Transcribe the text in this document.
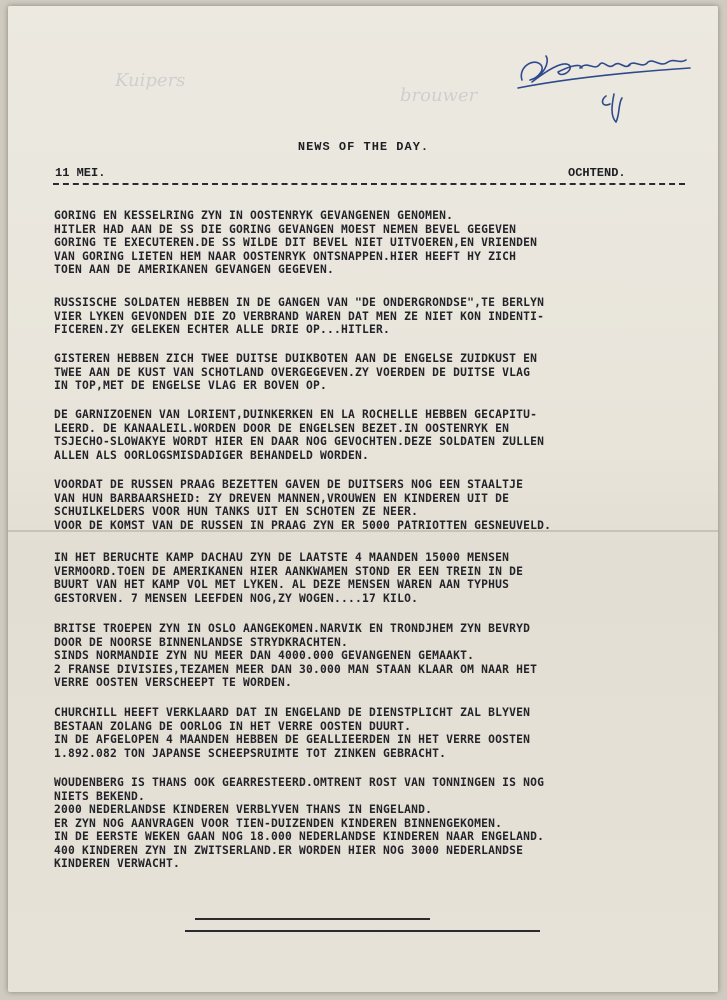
Kuipers
brouwer
NEWS OF THE DAY.
11 MEI.	OCHTEND.
GORING EN KESSELRING ZYN IN OOSTENRYK GEVANGENEN GENOMEN.
HITLER HAD AAN DE SS DIE GORING GEVANGEN MOEST NEMEN BEVEL GEGEVEN
GORING TE EXECUTEREN.DE SS WILDE DIT BEVEL NIET UITVOEREN,EN VRIENDEN
VAN GORING LIETEN HEM NAAR OOSTENRYK ONTSNAPPEN.HIER HEEFT HY ZICH
TOEN AAN DE AMERIKANEN GEVANGEN GEGEVEN.
RUSSISCHE SOLDATEN HEBBEN IN DE GANGEN VAN "DE ONDERGRONDSE",TE BERLYN
VIER LYKEN GEVONDEN DIE ZO VERBRAND WAREN DAT MEN ZE NIET KON INDENTI-
FICEREN.ZY GELEKEN ECHTER ALLE DRIE OP...HITLER.
GISTEREN HEBBEN ZICH TWEE DUITSE DUIKBOTEN AAN DE ENGELSE ZUIDKUST EN
TWEE AAN DE KUST VAN SCHOTLAND OVERGEGEVEN.ZY VOERDEN DE DUITSE VLAG
IN TOP,MET DE ENGELSE VLAG ER BOVEN OP.
DE GARNIZOENEN VAN LORIENT,DUINKERKEN EN LA ROCHELLE HEBBEN GECAPITU-
LEERD. DE KANAALEIL.WORDEN DOOR DE ENGELSEN BEZET.IN OOSTENRYK EN
TSJECHO-SLOWAKYE WORDT HIER EN DAAR NOG GEVOCHTEN.DEZE SOLDATEN ZULLEN
ALLEN ALS OORLOGSMISDADIGER BEHANDELD WORDEN.
VOORDAT DE RUSSEN PRAAG BEZETTEN GAVEN DE DUITSERS NOG EEN STAALTJE
VAN HUN BARBAARSHEID: ZY DREVEN MANNEN,VROUWEN EN KINDEREN UIT DE
SCHUILKELDERS VOOR HUN TANKS UIT EN SCHOTEN ZE NEER.
VOOR DE KOMST VAN DE RUSSEN IN PRAAG ZYN ER 5000 PATRIOTTEN GESNEUVELD.
IN HET BERUCHTE KAMP DACHAU ZYN DE LAATSTE 4 MAANDEN 15000 MENSEN
VERMOORD.TOEN DE AMERIKANEN HIER AANKWAMEN STOND ER EEN TREIN IN DE
BUURT VAN HET KAMP VOL MET LYKEN. AL DEZE MENSEN WAREN AAN TYPHUS
GESTORVEN. 7 MENSEN LEEFDEN NOG,ZY WOGEN....17 KILO.
BRITSE TROEPEN ZYN IN OSLO AANGEKOMEN.NARVIK EN TRONDJHEM ZYN BEVRYD
DOOR DE NOORSE BINNENLANDSE STRYDKRACHTEN.
SINDS NORMANDIE ZYN NU MEER DAN 4000.000 GEVANGENEN GEMAAKT.
2 FRANSE DIVISIES,TEZAMEN MEER DAN 30.000 MAN STAAN KLAAR OM NAAR HET
VERRE OOSTEN VERSCHEEPT TE WORDEN.
CHURCHILL HEEFT VERKLAARD DAT IN ENGELAND DE DIENSTPLICHT ZAL BLYVEN
BESTAAN ZOLANG DE OORLOG IN HET VERRE OOSTEN DUURT.
IN DE AFGELOPEN 4 MAANDEN HEBBEN DE GEALLIEERDEN IN HET VERRE OOSTEN
1.892.082 TON JAPANSE SCHEEPSRUIMTE TOT ZINKEN GEBRACHT.
WOUDENBERG IS THANS OOK GEARRESTEERD.OMTRENT ROST VAN TONNINGEN IS NOG
NIETS BEKEND.
2000 NEDERLANDSE KINDEREN VERBLYVEN THANS IN ENGELAND.
ER ZYN NOG AANVRAGEN VOOR TIEN-DUIZENDEN KINDEREN BINNENGEKOMEN.
IN DE EERSTE WEKEN GAAN NOG 18.000 NEDERLANDSE KINDEREN NAAR ENGELAND.
400 KINDEREN ZYN IN ZWITSERLAND.ER WORDEN HIER NOG 3000 NEDERLANDSE
KINDEREN VERWACHT.
